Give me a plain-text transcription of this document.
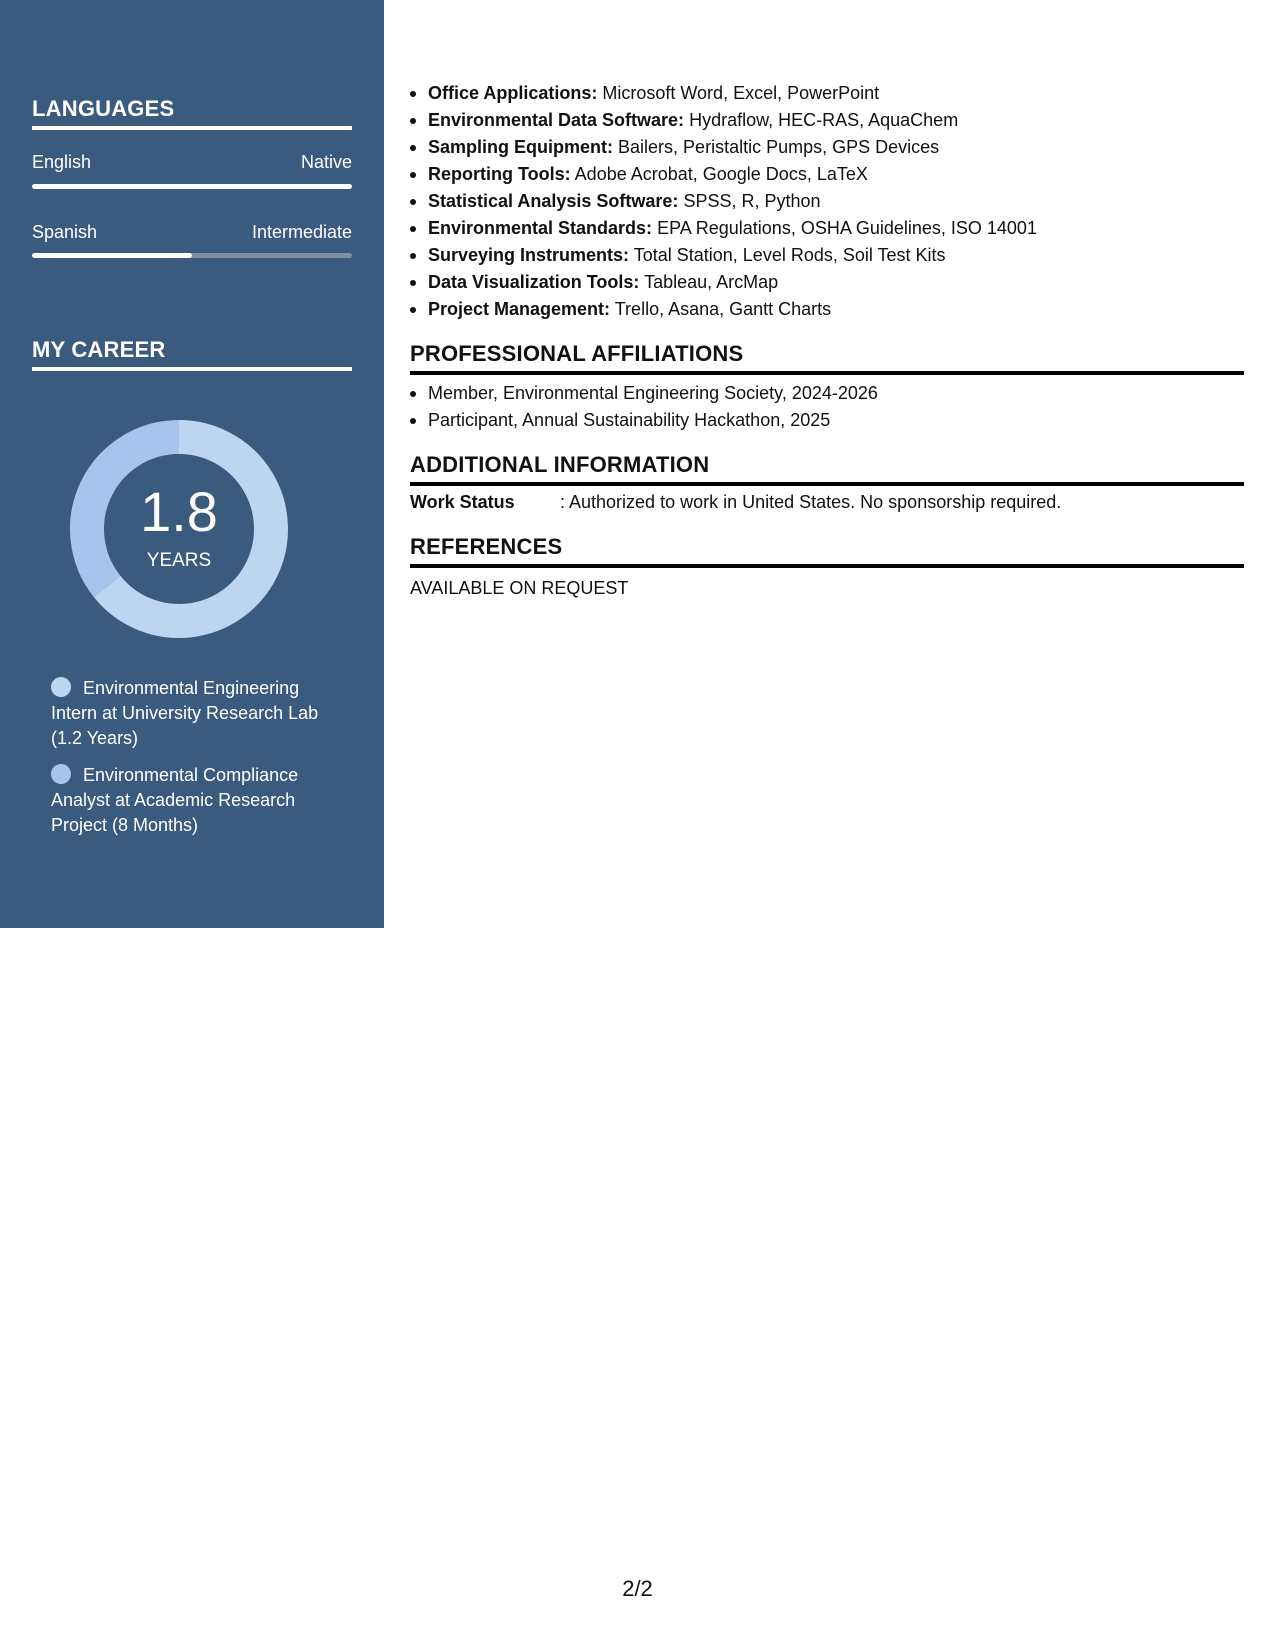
LANGUAGES
English	Native
Spanish	Intermediate
MY CAREER
1.8
YEARS
Environmental Engineering Intern at University Research Lab (1.2 Years)
Environmental Compliance Analyst at Academic Research Project (8 Months)
Office Applications: Microsoft Word, Excel, PowerPoint
Environmental Data Software: Hydraflow, HEC-RAS, AquaChem
Sampling Equipment: Bailers, Peristaltic Pumps, GPS Devices
Reporting Tools: Adobe Acrobat, Google Docs, LaTeX
Statistical Analysis Software: SPSS, R, Python
Environmental Standards: EPA Regulations, OSHA Guidelines, ISO 14001
Surveying Instruments: Total Station, Level Rods, Soil Test Kits
Data Visualization Tools: Tableau, ArcMap
Project Management: Trello, Asana, Gantt Charts
PROFESSIONAL AFFILIATIONS
Member, Environmental Engineering Society, 2024-2026
Participant, Annual Sustainability Hackathon, 2025
ADDITIONAL INFORMATION
Work Status	: Authorized to work in United States. No sponsorship required.
REFERENCES
AVAILABLE ON REQUEST
2/2
